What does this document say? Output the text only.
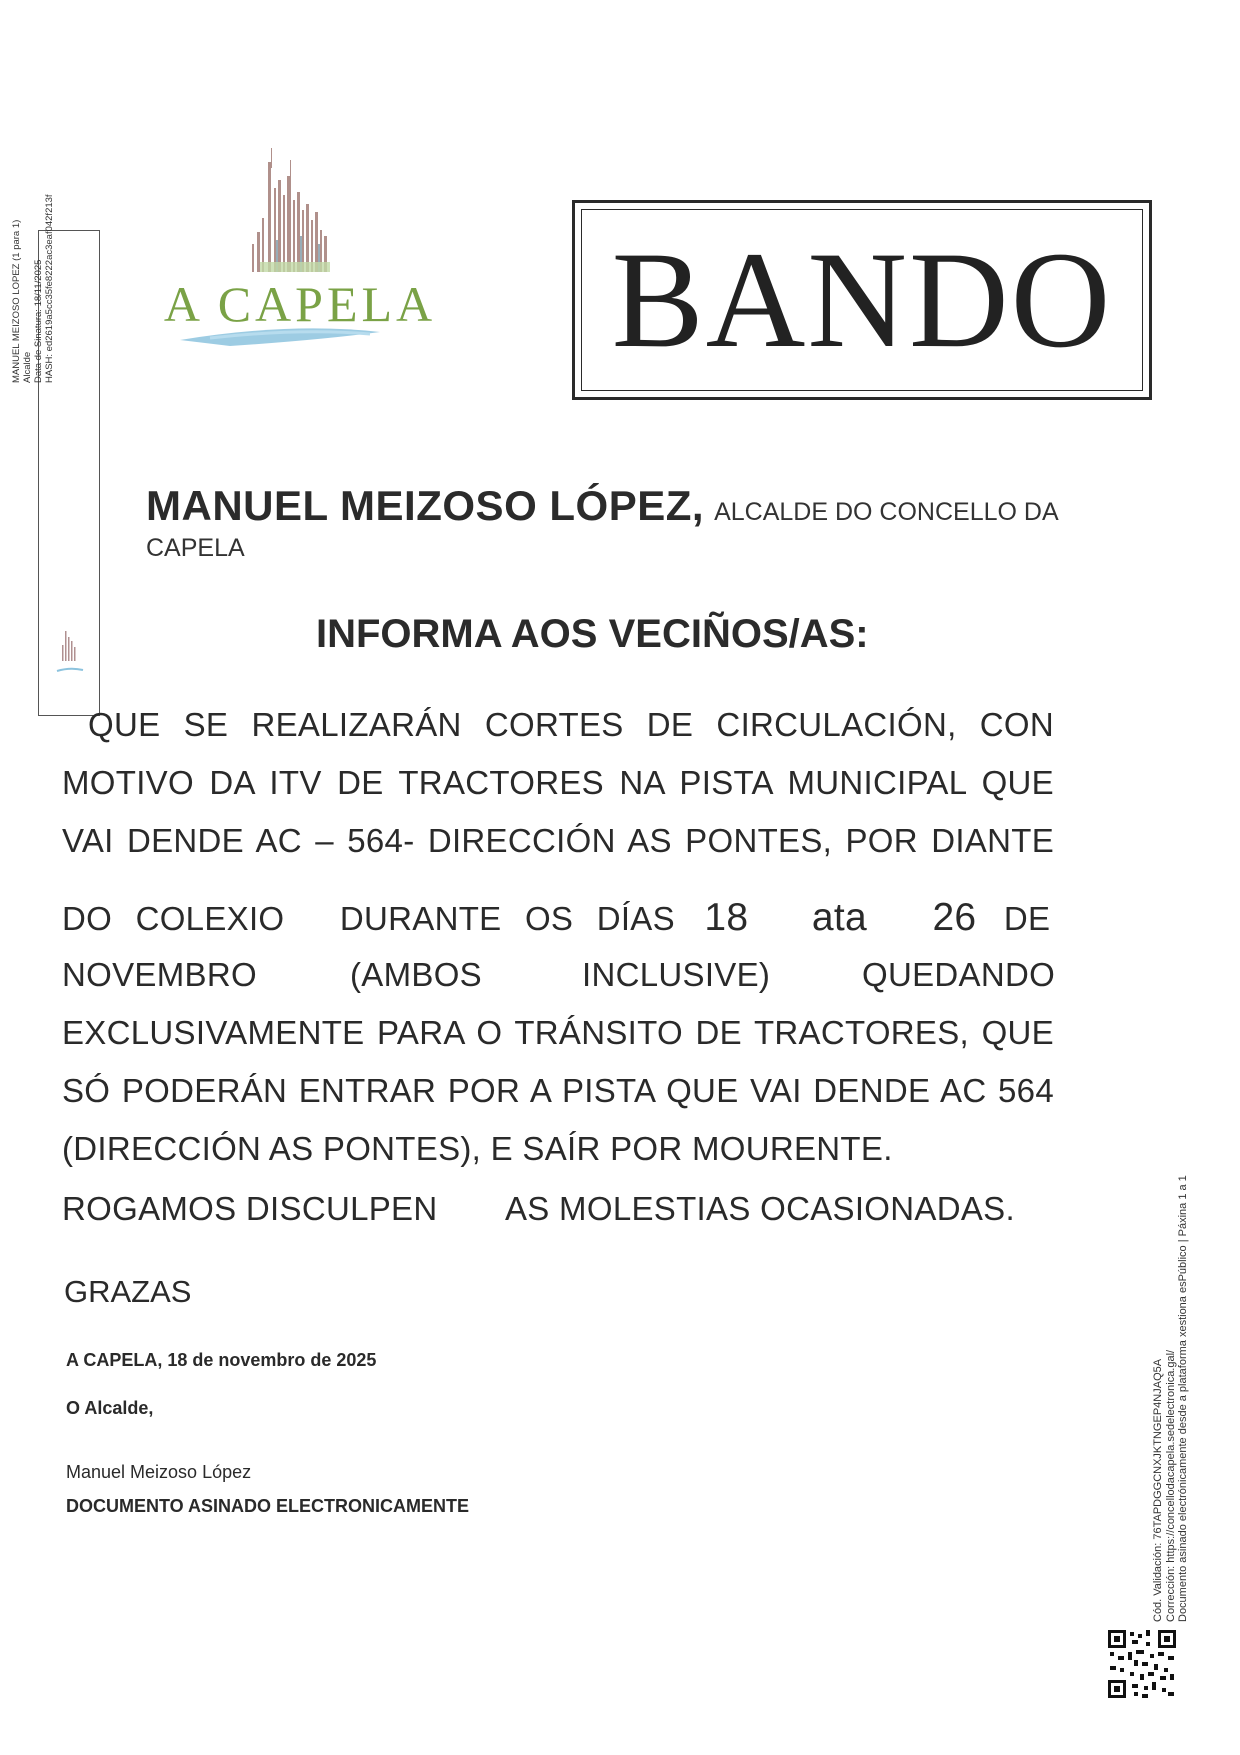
A CAPELA BANDO
MANUEL MEIZOSO LOPEZ (1 para 1) Alcalde Data de Sinatura: 18/11/2025 HASH: ed2619a5cc35fe8222ac3eaf042f213f
MANUEL MEIZOSO LÓPEZ, ALCALDE DO CONCELLO DA
CAPELA
INFORMA AOS VECIÑOS/AS:
QUE SE REALIZARÁN CORTES DE CIRCULACIÓN, CON
MOTIVO DA ITV DE TRACTORES NA PISTA MUNICIPAL QUE
VAI DENDE AC – 564- DIRECCIÓN AS PONTES, POR DIANTE
DO COLEXIO DURANTE OS DÍAS 18 ata 26 DE
NOVEMBRO	(AMBOS	INCLUSIVE)	QUEDANDO
EXCLUSIVAMENTE PARA O TRÁNSITO DE TRACTORES, QUE
SÓ PODERÁN ENTRAR POR A PISTA QUE VAI DENDE AC 564
(DIRECCIÓN AS PONTES), E SAÍR POR MOURENTE.
ROGAMOS DISCULPEN AS MOLESTIAS OCASIONADAS.
GRAZAS
A CAPELA, 18 de novembro de 2025
O Alcalde,
Manuel Meizoso López
DOCUMENTO ASINADO ELECTRONICAMENTE	Cód. Validación: 76TAPDGGCNXJKTNGEP4NJAQ5A Corrección: https://concellodacapela.sedelectronica.gal/ Documento asinado electrónicamente desde a plataforma xestiona esPúblico | Páxina 1 a 1
